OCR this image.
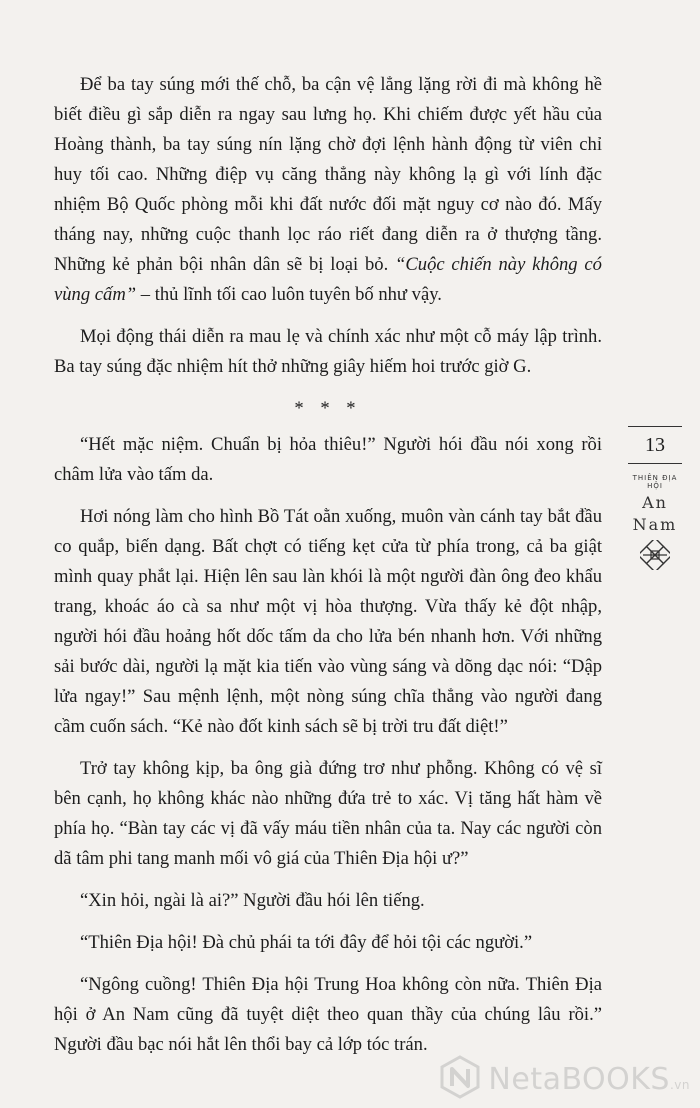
Để ba tay súng mới thế chỗ, ba cận vệ lẳng lặng rời đi mà không hề biết điều gì sắp diễn ra ngay sau lưng họ. Khi chiếm được yết hầu của Hoàng thành, ba tay súng nín lặng chờ đợi lệnh hành động từ viên chỉ huy tối cao. Những điệp vụ căng thẳng này không lạ gì với lính đặc nhiệm Bộ Quốc phòng mỗi khi đất nước đối mặt nguy cơ nào đó. Mấy tháng nay, những cuộc thanh lọc ráo riết đang diễn ra ở thượng tầng. Những kẻ phản bội nhân dân sẽ bị loại bỏ. “Cuộc chiến này không có vùng cấm” – thủ lĩnh tối cao luôn tuyên bố như vậy.

Mọi động thái diễn ra mau lẹ và chính xác như một cỗ máy lập trình. Ba tay súng đặc nhiệm hít thở những giây hiếm hoi trước giờ G.

* * *

“Hết mặc niệm. Chuẩn bị hỏa thiêu!” Người hói đầu nói xong rồi châm lửa vào tấm da.

Hơi nóng làm cho hình Bồ Tát oằn xuống, muôn vàn cánh tay bắt đầu co quắp, biến dạng. Bất chợt có tiếng kẹt cửa từ phía trong, cả ba giật mình quay phắt lại. Hiện lên sau làn khói là một người đàn ông đeo khẩu trang, khoác áo cà sa như một vị hòa thượng. Vừa thấy kẻ đột nhập, người hói đầu hoảng hốt dốc tấm da cho lửa bén nhanh hơn. Với những sải bước dài, người lạ mặt kia tiến vào vùng sáng và dõng dạc nói: “Dập lửa ngay!” Sau mệnh lệnh, một nòng súng chĩa thẳng vào người đang cầm cuốn sách. “Kẻ nào đốt kinh sách sẽ bị trời tru đất diệt!”

Trở tay không kịp, ba ông già đứng trơ như phỗng. Không có vệ sĩ bên cạnh, họ không khác nào những đứa trẻ to xác. Vị tăng hất hàm về phía họ. “Bàn tay các vị đã vấy máu tiền nhân của ta. Nay các người còn dã tâm phi tang manh mối vô giá của Thiên Địa hội ư?”

“Xin hỏi, ngài là ai?” Người đầu hói lên tiếng.

“Thiên Địa hội! Đà chủ phái ta tới đây để hỏi tội các người.”

“Ngông cuồng! Thiên Địa hội Trung Hoa không còn nữa. Thiên Địa hội ở An Nam cũng đã tuyệt diệt theo quan thầy của chúng lâu rồi.” Người đầu bạc nói hắt lên thổi bay cả lớp tóc trán.

13
THIÊN ĐỊA HỘI
An Nam
NetaBOOKS.vn
